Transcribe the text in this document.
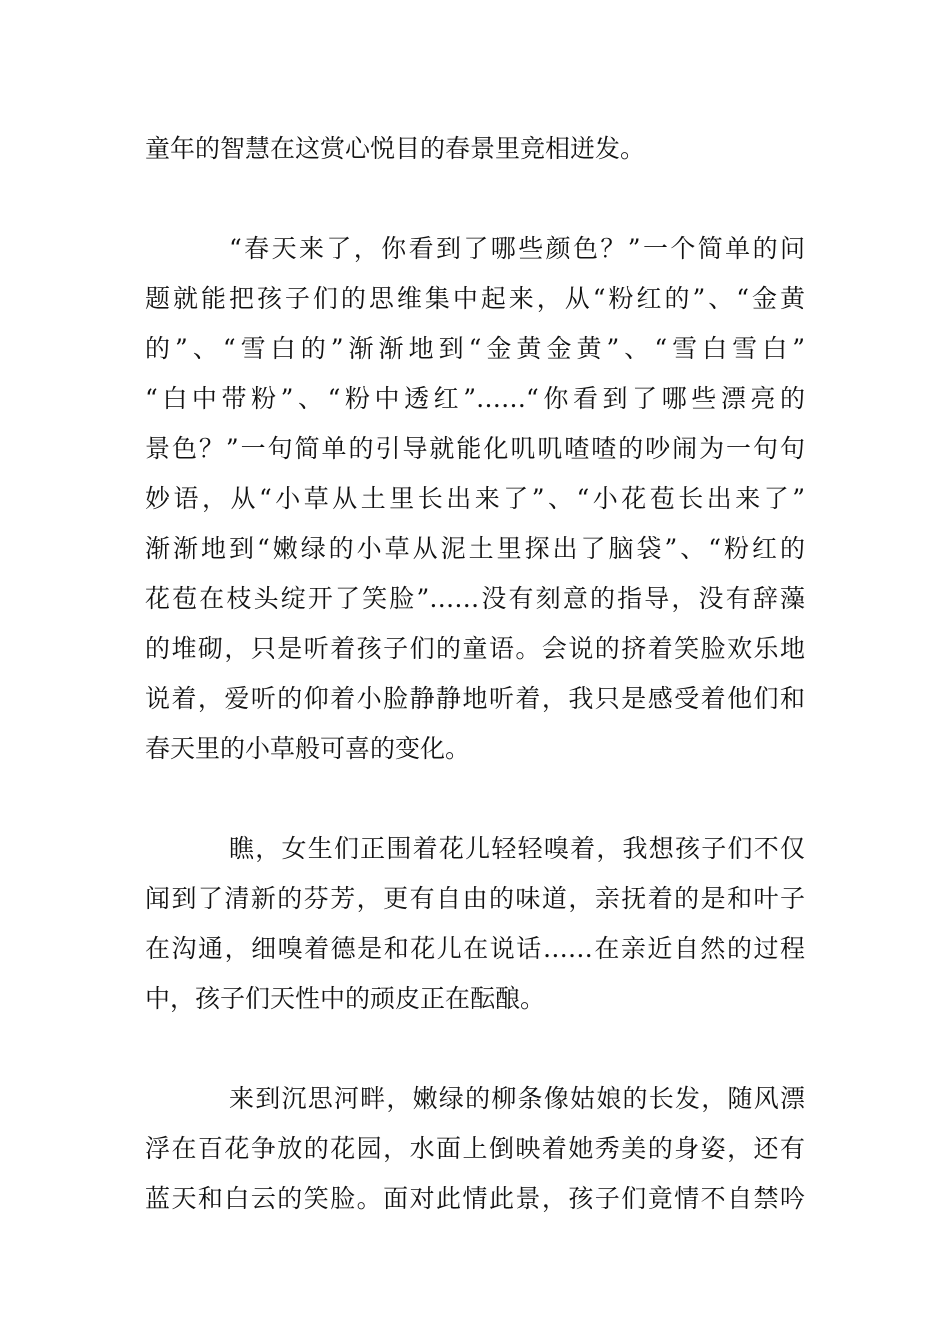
童年的智慧在这赏心悦目的春景里竞相迸发。
“春天来了，你看到了哪些颜色？”一个简单的问
题就能把孩子们的思维集中起来，从“粉红的”、“金黄
的”、“雪白的”渐渐地到“金黄金黄”、“雪白雪白”
“白中带粉”、“粉中透红”……“你看到了哪些漂亮的
景色？”一句简单的引导就能化叽叽喳喳的吵闹为一句句
妙语，从“小草从土里长出来了”、“小花苞长出来了”
渐渐地到“嫩绿的小草从泥土里探出了脑袋”、“粉红的
花苞在枝头绽开了笑脸”……没有刻意的指导，没有辞藻
的堆砌，只是听着孩子们的童语。会说的挤着笑脸欢乐地
说着，爱听的仰着小脸静静地听着，我只是感受着他们和
春天里的小草般可喜的变化。
瞧，女生们正围着花儿轻轻嗅着，我想孩子们不仅
闻到了清新的芬芳，更有自由的味道，亲抚着的是和叶子
在沟通，细嗅着德是和花儿在说话……在亲近自然的过程
中，孩子们天性中的顽皮正在酝酿。
来到沉思河畔，嫩绿的柳条像姑娘的长发，随风漂
浮在百花争放的花园，水面上倒映着她秀美的身姿，还有
蓝天和白云的笑脸。面对此情此景，孩子们竟情不自禁吟
